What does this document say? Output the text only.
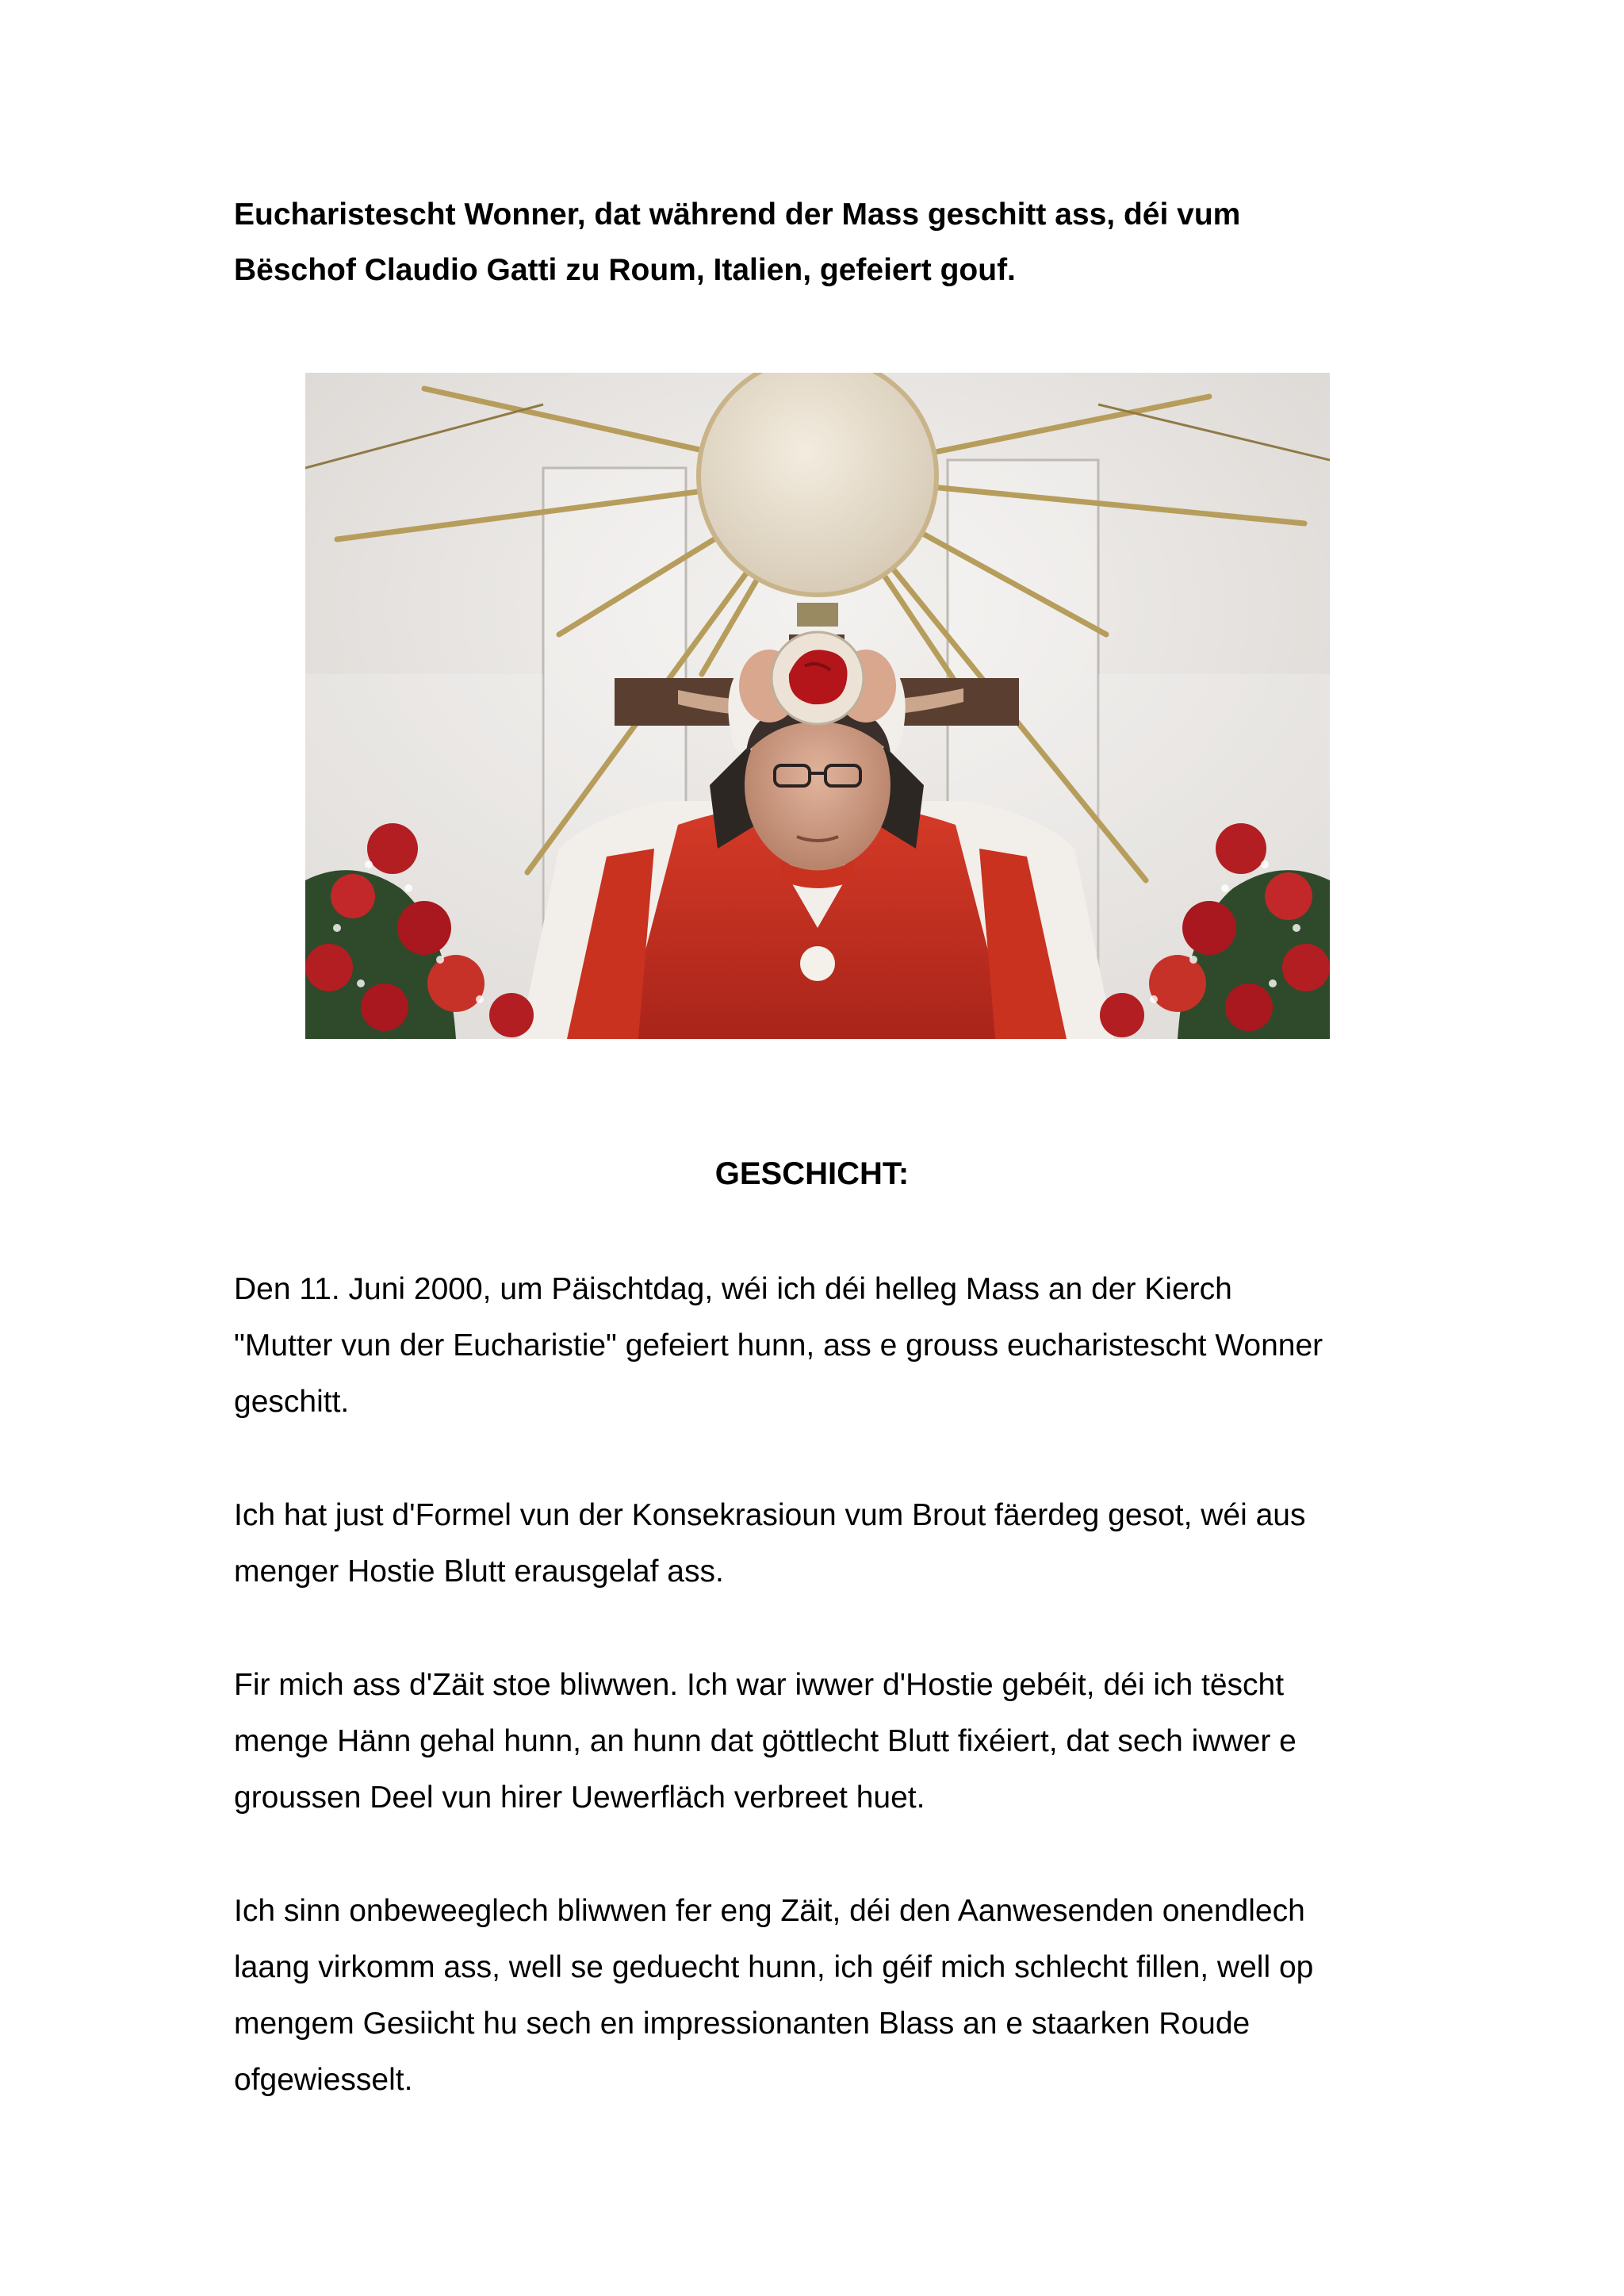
Eucharistescht Wonner, dat während der Mass geschitt ass, déi vum
Bëschof Claudio Gatti zu Roum, Italien, gefeiert gouf.

GESCHICHT:

Den 11. Juni 2000, um Päischtdag, wéi ich déi helleg Mass an der Kierch
"Mutter vun der Eucharistie" gefeiert hunn, ass e grouss eucharistescht Wonner
geschitt.

Ich hat just d'Formel vun der Konsekrasioun vum Brout fäerdeg gesot, wéi aus
menger Hostie Blutt erausgelaf ass.

Fir mich ass d'Zäit stoe bliwwen. Ich war iwwer d'Hostie gebéit, déi ich tëscht
menge Hänn gehal hunn, an hunn dat göttlecht Blutt fixéiert, dat sech iwwer e
groussen Deel vun hirer Uewerfläch verbreet huet.

Ich sinn onbeweeglech bliwwen fer eng Zäit, déi den Aanwesenden onendlech
laang virkomm ass, well se geduecht hunn, ich géif mich schlecht fillen, well op
mengem Gesiicht hu sech en impressionanten Blass an e staarken Roude
ofgewiesselt.
